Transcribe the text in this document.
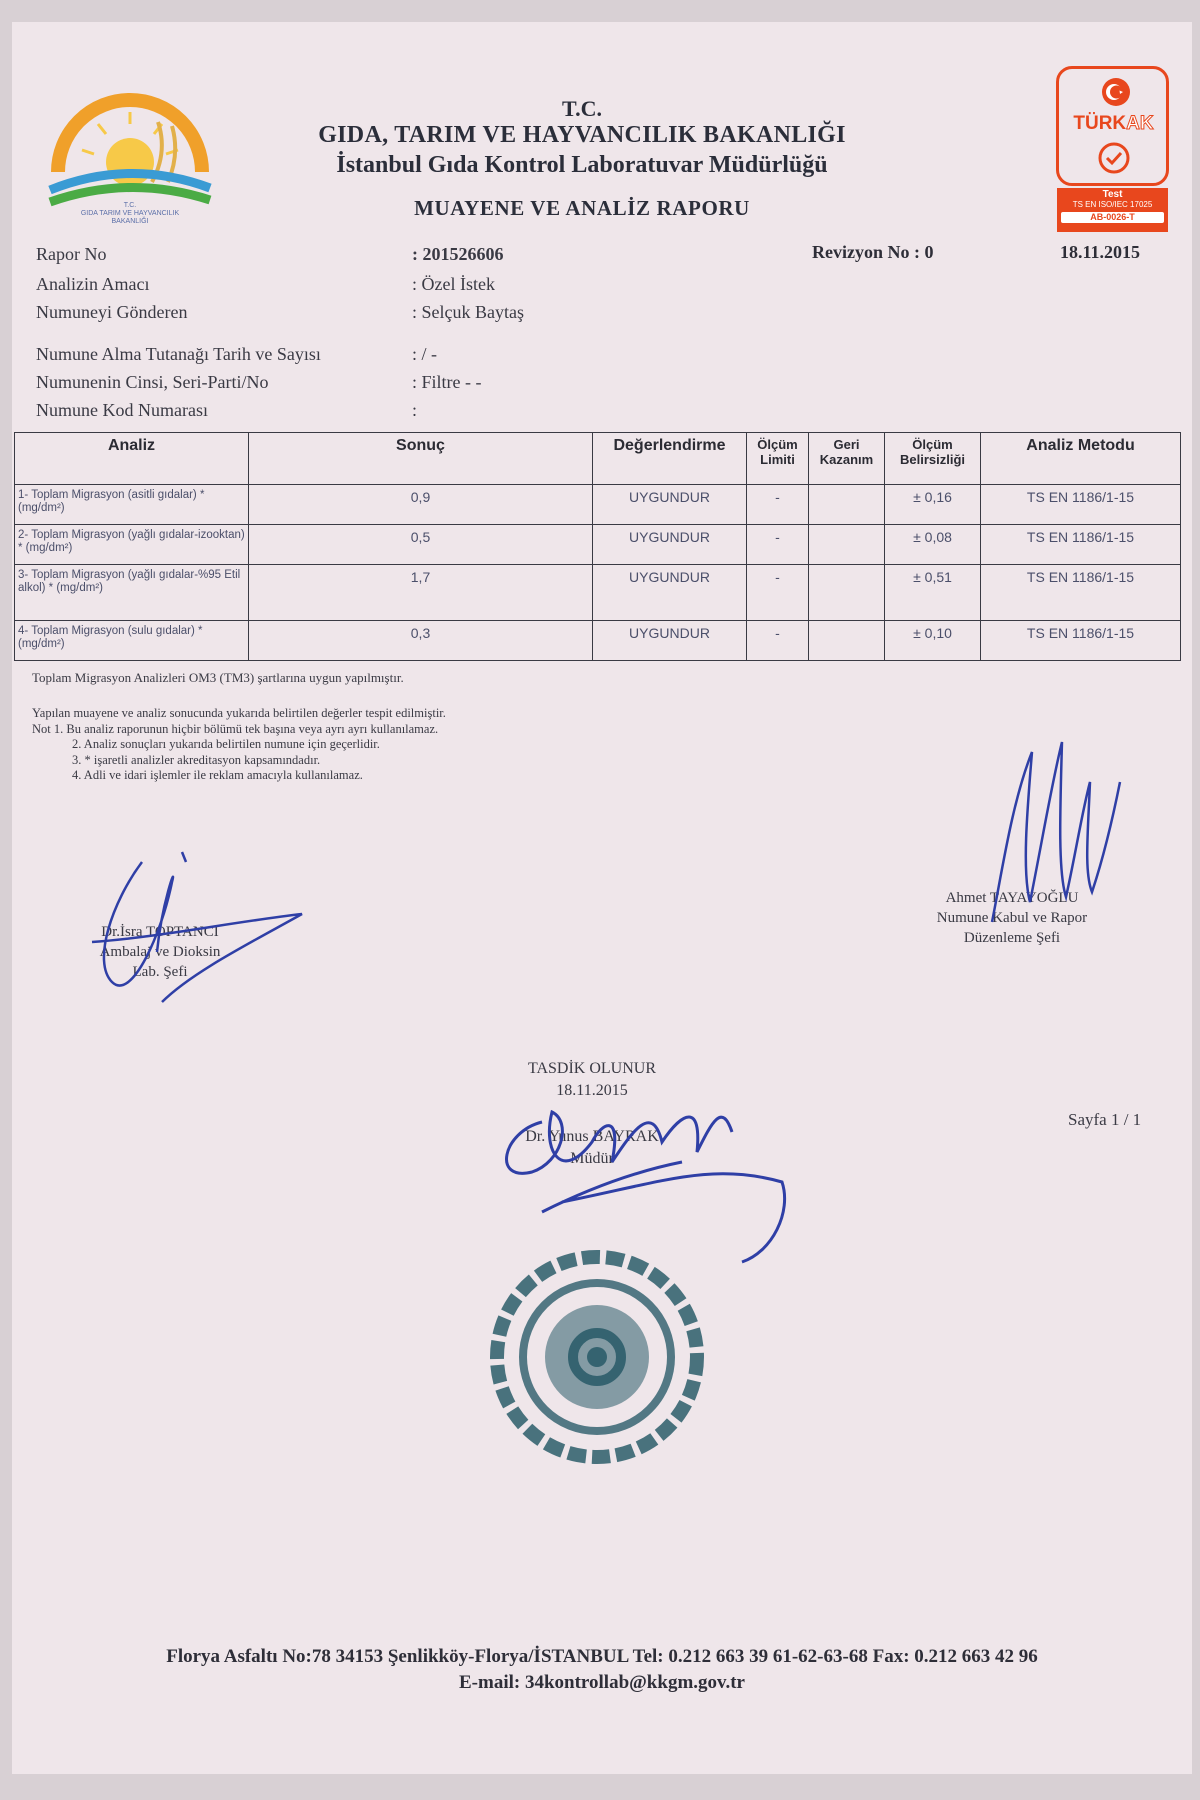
T.C.
GIDA TARIM VE HAYVANCILIK
BAKANLIĞI
T.C.
GIDA, TARIM VE HAYVANCILIK BAKANLIĞI
İstanbul Gıda Kontrol Laboratuvar Müdürlüğü
MUAYENE VE ANALİZ RAPORU
TÜRKAK
Test
TS EN ISO/IEC 17025
AB-0026-T
Rapor No	: 201526606	Revizyon No : 0	18.11.2015
Analizin Amacı	: Özel İstek
Numuneyi Gönderen	: Selçuk Baytaş
Numune Alma Tutanağı Tarih ve Sayısı	: / -
Numunenin Cinsi, Seri-Parti/No	: Filtre - -
Numune Kod Numarası	:
Analiz	Sonuç	Değerlendirme	Ölçüm Limiti	Geri Kazanım	Ölçüm Belirsizliği	Analiz Metodu
1- Toplam Migrasyon (asitli gıdalar) * (mg/dm²)	0,9	UYGUNDUR	-		± 0,16	TS EN 1186/1-15
2- Toplam Migrasyon (yağlı gıdalar-izooktan) * (mg/dm²)	0,5	UYGUNDUR	-		± 0,08	TS EN 1186/1-15
3- Toplam Migrasyon (yağlı gıdalar-%95 Etil alkol) * (mg/dm²)	1,7	UYGUNDUR	-		± 0,51	TS EN 1186/1-15
4- Toplam Migrasyon (sulu gıdalar) * (mg/dm²)	0,3	UYGUNDUR	-		± 0,10	TS EN 1186/1-15
Toplam Migrasyon Analizleri OM3 (TM3) şartlarına uygun yapılmıştır.
Yapılan muayene ve analiz sonucunda yukarıda belirtilen değerler tespit edilmiştir.
Not 1. Bu analiz raporunun hiçbir bölümü tek başına veya ayrı ayrı kullanılamaz.
2. Analiz sonuçları yukarıda belirtilen numune için geçerlidir.
3. * işaretli analizler akreditasyon kapsamındadır.
4. Adli ve idari işlemler ile reklam amacıyla kullanılamaz.
Dr.İsra TOPTANCI
Ambalaj ve Dioksin
Lab. Şefi
Ahmet TAYAYOĞLU
Numune Kabul ve Rapor
Düzenleme Şefi
TASDİK OLUNUR
18.11.2015
Dr. Yunus BAYRAK
Müdür
Sayfa 1 / 1
Florya Asfaltı No:78 34153 Şenlikköy-Florya/İSTANBUL Tel: 0.212 663 39 61-62-63-68 Fax: 0.212 663 42 96
E-mail: 34kontrollab@kkgm.gov.tr
